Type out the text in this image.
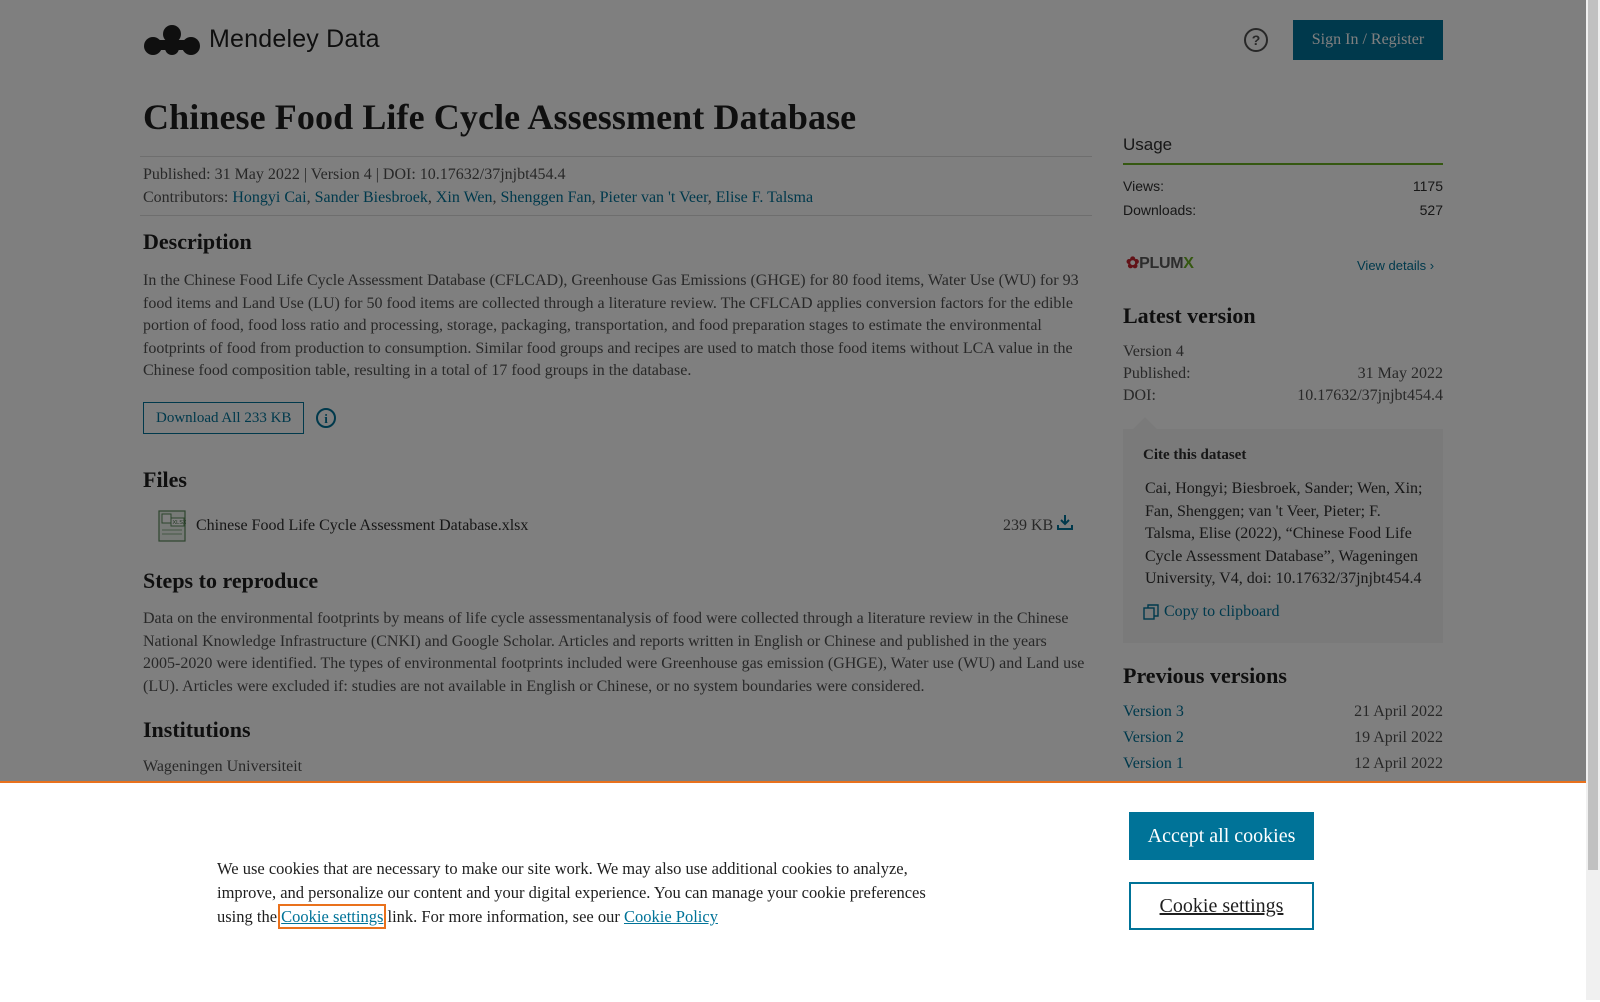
We use cookies that are necessary to make our site work. We may also use additional cookies to analyze, improve, and personalize our content and your digital experience. You can manage your cookie preferences using the Cookie settings link. For more information, see our Cookie Policy

Accept all cookies
Cookie settings
